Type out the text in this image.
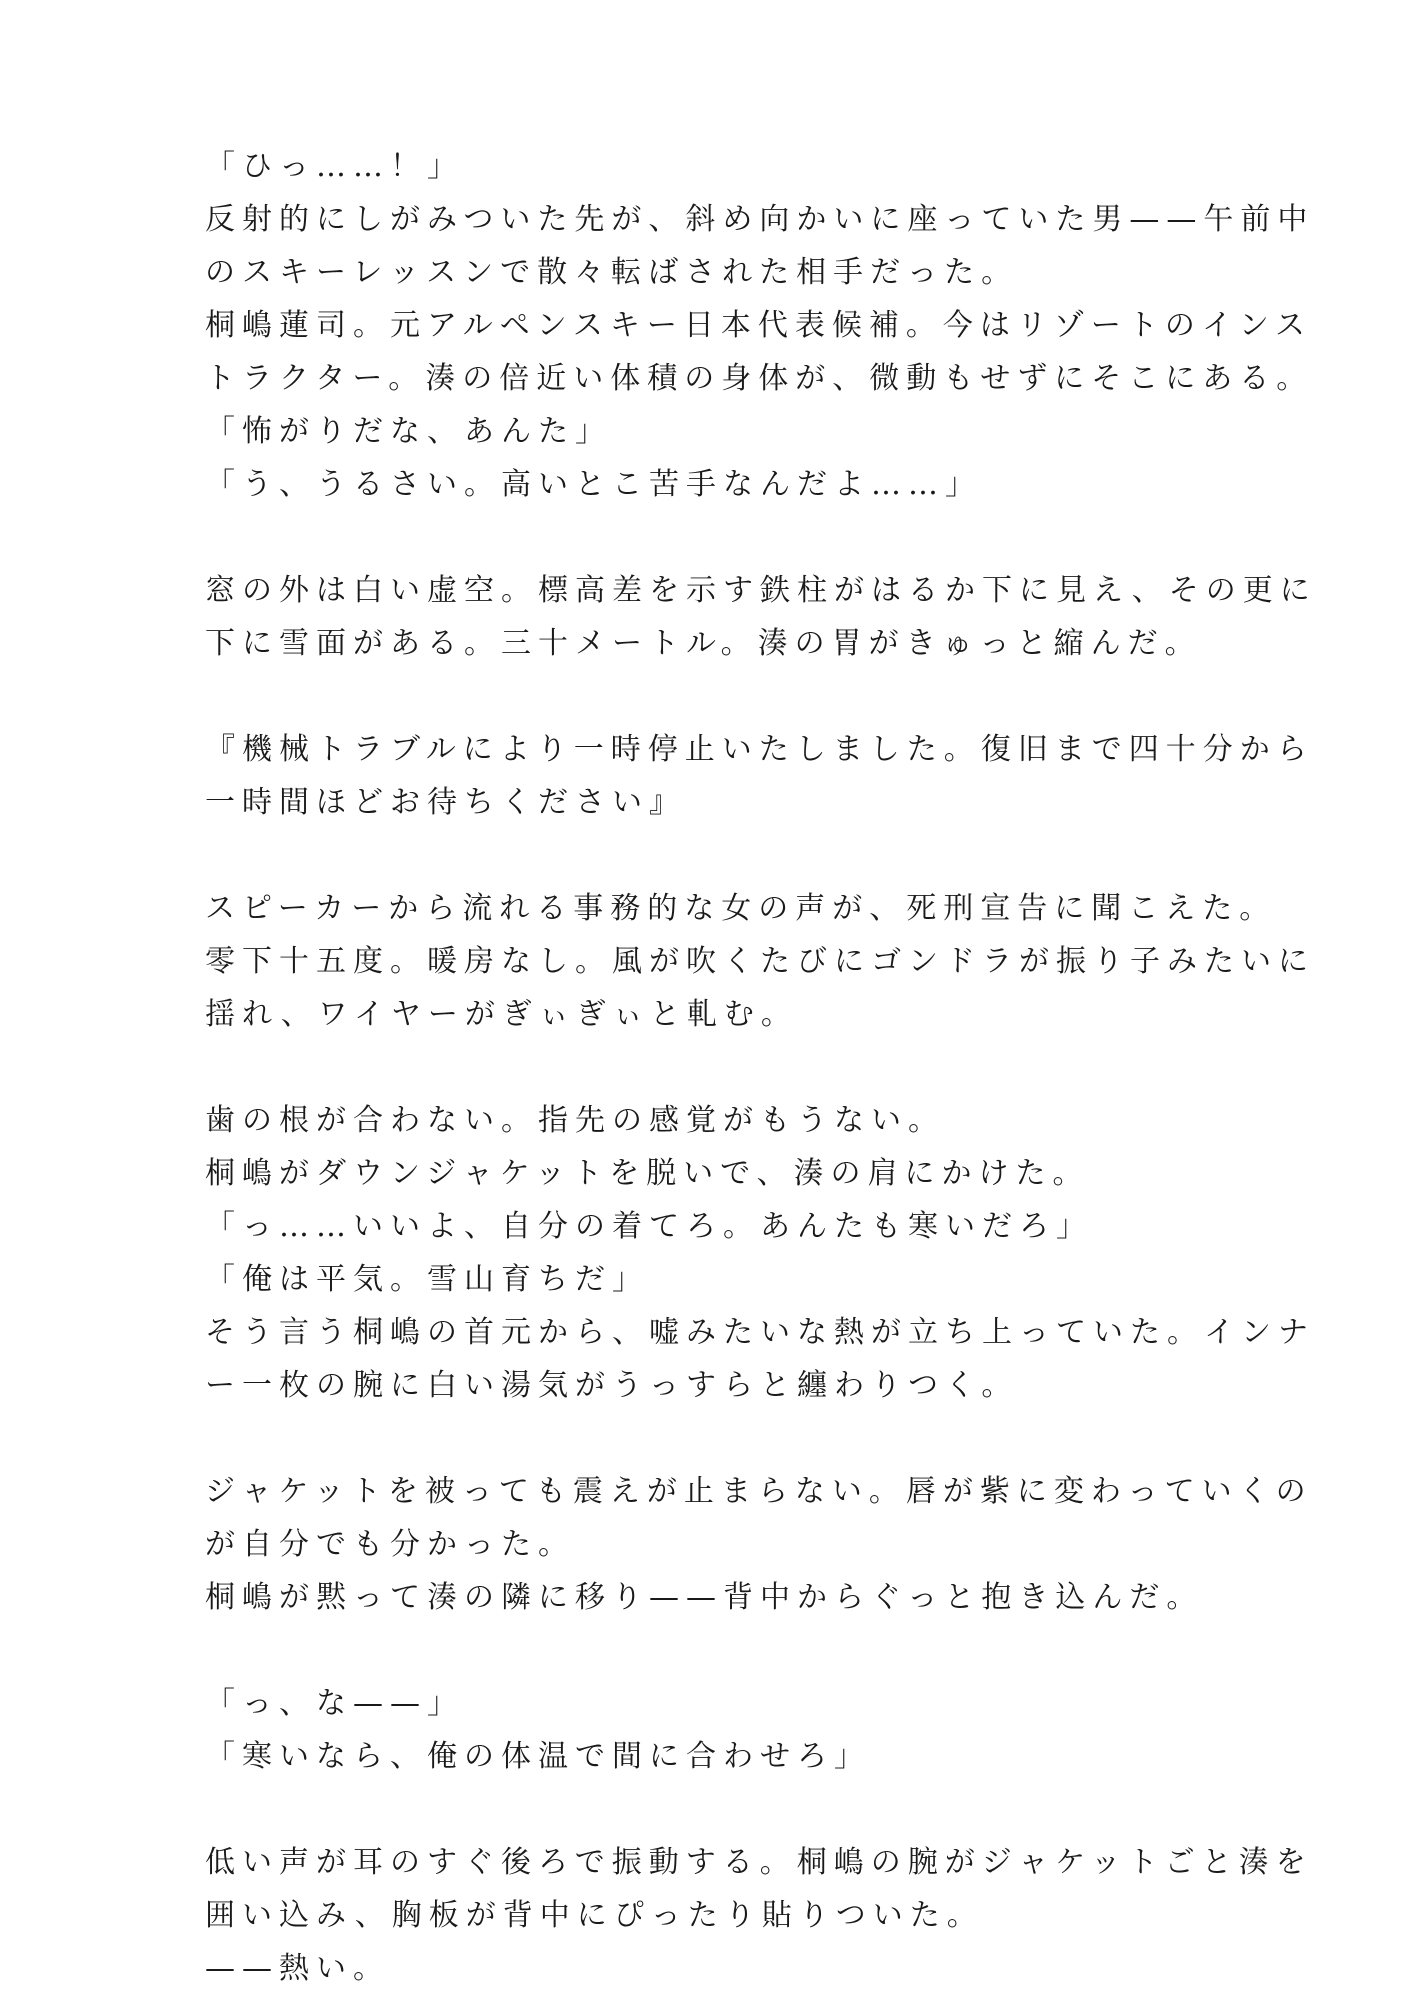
「ひっ……！」
反射的にしがみついた先が、斜め向かいに座っていた男——午前中
のスキーレッスンで散々転ばされた相手だった。
桐嶋蓮司。元アルペンスキー日本代表候補。今はリゾートのインス
トラクター。湊の倍近い体積の身体が、微動もせずにそこにある。
「怖がりだな、あんた」
「う、うるさい。高いとこ苦手なんだよ……」
窓の外は白い虚空。標高差を示す鉄柱がはるか下に見え、その更に
下に雪面がある。三十メートル。湊の胃がきゅっと縮んだ。
『機械トラブルにより一時停止いたしました。復旧まで四十分から
一時間ほどお待ちください』
スピーカーから流れる事務的な女の声が、死刑宣告に聞こえた。
零下十五度。暖房なし。風が吹くたびにゴンドラが振り子みたいに
揺れ、ワイヤーがぎぃぎぃと軋む。
歯の根が合わない。指先の感覚がもうない。
桐嶋がダウンジャケットを脱いで、湊の肩にかけた。
「っ……いいよ、自分の着てろ。あんたも寒いだろ」
「俺は平気。雪山育ちだ」
そう言う桐嶋の首元から、嘘みたいな熱が立ち上っていた。インナ
ー一枚の腕に白い湯気がうっすらと纏わりつく。
ジャケットを被っても震えが止まらない。唇が紫に変わっていくの
が自分でも分かった。
桐嶋が黙って湊の隣に移り——背中からぐっと抱き込んだ。
「っ、な——」
「寒いなら、俺の体温で間に合わせろ」
低い声が耳のすぐ後ろで振動する。桐嶋の腕がジャケットごと湊を
囲い込み、胸板が背中にぴったり貼りついた。
——熱い。
